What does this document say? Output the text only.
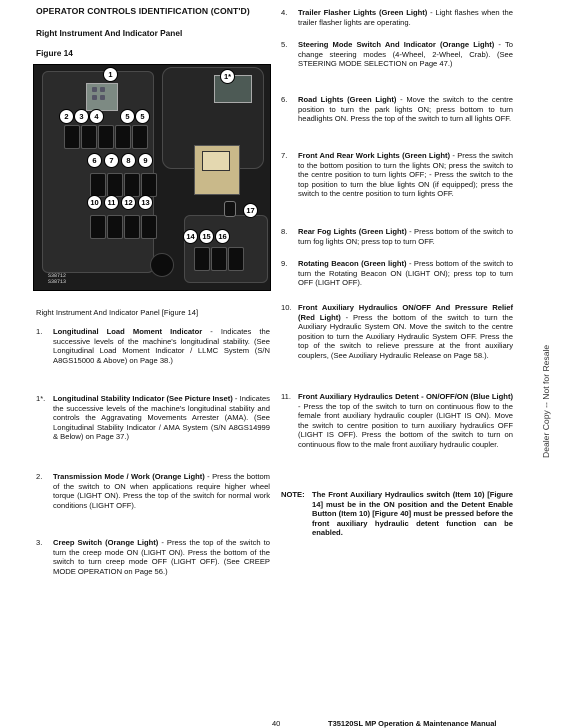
OPERATOR CONTROLS IDENTIFICATION (CONT'D)
Right Instrument And Indicator Panel
Figure 14
1	1*
2	3	4	5	5
6	7	8	9
10	11	12	13
14	15	16
17
S38712
S38713
Right Instrument And Indicator Panel [Figure 14]
1. Longitudinal Load Moment Indicator - Indicates the successive levels of the machine's longitudinal stability. (See Longitudinal Load Moment Indicator / LLMC System (S/N A8GS15000 & Above) on Page 38.)
1*. Longitudinal Stability Indicator (See Picture Inset) - Indicates the successive levels of the machine's longitudinal stability and controls the Aggravating Movements Arrester (AMA). (See Longitudinal Stability Indicator / AMA System (S/N A8GS14999 & Below) on Page 37.)
2. Transmission Mode / Work (Orange Light) - Press the bottom of the switch to ON when applications require higher wheel torque (LIGHT ON). Press the top of the switch for normal work conditions (LIGHT OFF).
3. Creep Switch (Orange Light) - Press the top of the switch to turn the creep mode ON (LIGHT ON). Press the bottom of the switch to turn creep mode OFF (LIGHT OFF). (See CREEP MODE OPERATION on Page 56.)
4. Trailer Flasher Lights (Green Light) - Light flashes when the trailer flasher lights are operating.
5. Steering Mode Switch And Indicator (Orange Light) - To change steering modes (4-Wheel, 2-Wheel, Crab). (See STEERING MODE SELECTION on Page 47.)
6. Road Lights (Green Light) - Move the switch to the centre position to turn the park lights ON; press bottom to turn headlights ON. Press the top of the switch to turn all lights OFF.
7. Front And Rear Work Lights (Green Light) - Press the switch to the bottom position to turn the lights ON; press the switch to the centre position to turn lights OFF; - Press the switch to the top position to turn the blue lights ON (if equipped); press the switch to the centre position to turn lights OFF.
8. Rear Fog Lights (Green Light) - Press bottom of the switch to turn fog lights ON; press top to turn OFF.
9. Rotating Beacon (Green light) - Press bottom of the switch to turn the Rotating Beacon ON (LIGHT ON); press top to turn OFF (LIGHT OFF).
10. Front Auxiliary Hydraulics ON/OFF And Pressure Relief (Red Light) - Press the bottom of the switch to turn the Auxiliary Hydraulic System ON. Move the switch to the centre position to turn the Auxiliary Hydraulic System OFF. Press the top of the switch to relieve pressure at the front auxiliary couplers, (See Auxiliary Hydraulic Release on Page 58.).
11. Front Auxiliary Hydraulics Detent - ON/OFF/ON (Blue Light) - Press the top of the switch to turn on continuous flow to the female front auxiliary hydraulic coupler (LIGHT IS ON). Move the switch to centre position to turn auxiliary hydraulics OFF (LIGHT IS OFF). Press the bottom of the switch to turn on continuous flow to the male front auxiliary hydraulic coupler.
NOTE: The Front Auxiliary Hydraulics switch (Item 10) [Figure 14] must be in the ON position and the Detent Enable Button (Item 10) [Figure 40] must be pressed before the front auxiliary hydraulic detent function can be enabled.
Dealer Copy -- Not for Resale
40	T35120SL MP Operation & Maintenance Manual
